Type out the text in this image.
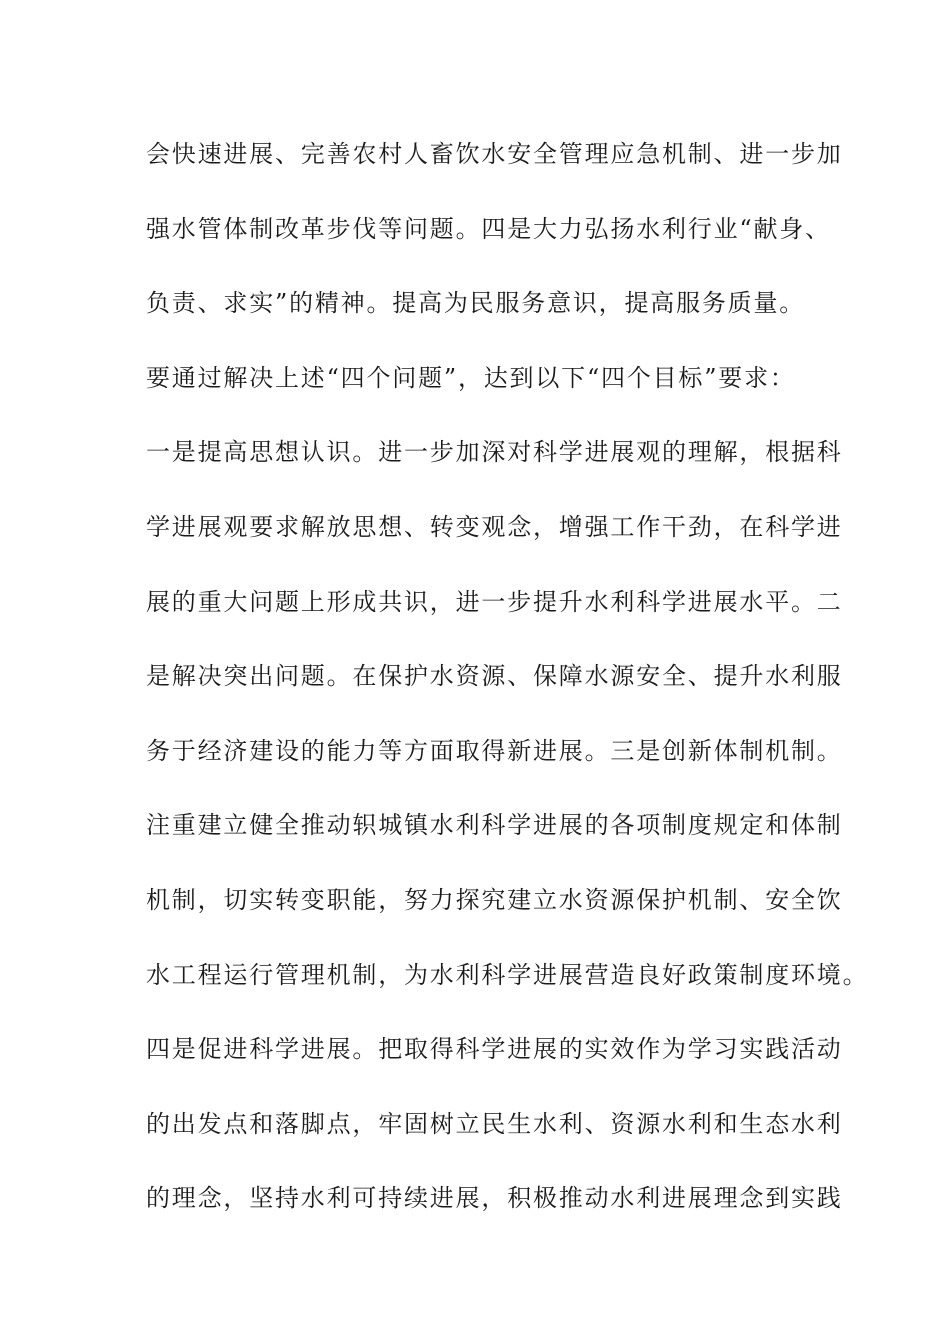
会快速进展、完善农村人畜饮水安全管理应急机制、进一步加
强水管体制改革步伐等问题。四是大力弘扬水利行业“献身、
负责、求实”的精神。提高为民服务意识，提高服务质量。
要通过解决上述“四个问题”，达到以下“四个目标”要求：
一是提高思想认识。进一步加深对科学进展观的理解，根据科
学进展观要求解放思想、转变观念，增强工作干劲，在科学进
展的重大问题上形成共识，进一步提升水利科学进展水平。二
是解决突出问题。在保护水资源、保障水源安全、提升水利服
务于经济建设的能力等方面取得新进展。三是创新体制机制。
注重建立健全推动轵城镇水利科学进展的各项制度规定和体制
机制，切实转变职能，努力探究建立水资源保护机制、安全饮
水工程运行管理机制，为水利科学进展营造良好政策制度环境。
四是促进科学进展。把取得科学进展的实效作为学习实践活动
的出发点和落脚点，牢固树立民生水利、资源水利和生态水利
的理念，坚持水利可持续进展，积极推动水利进展理念到实践
